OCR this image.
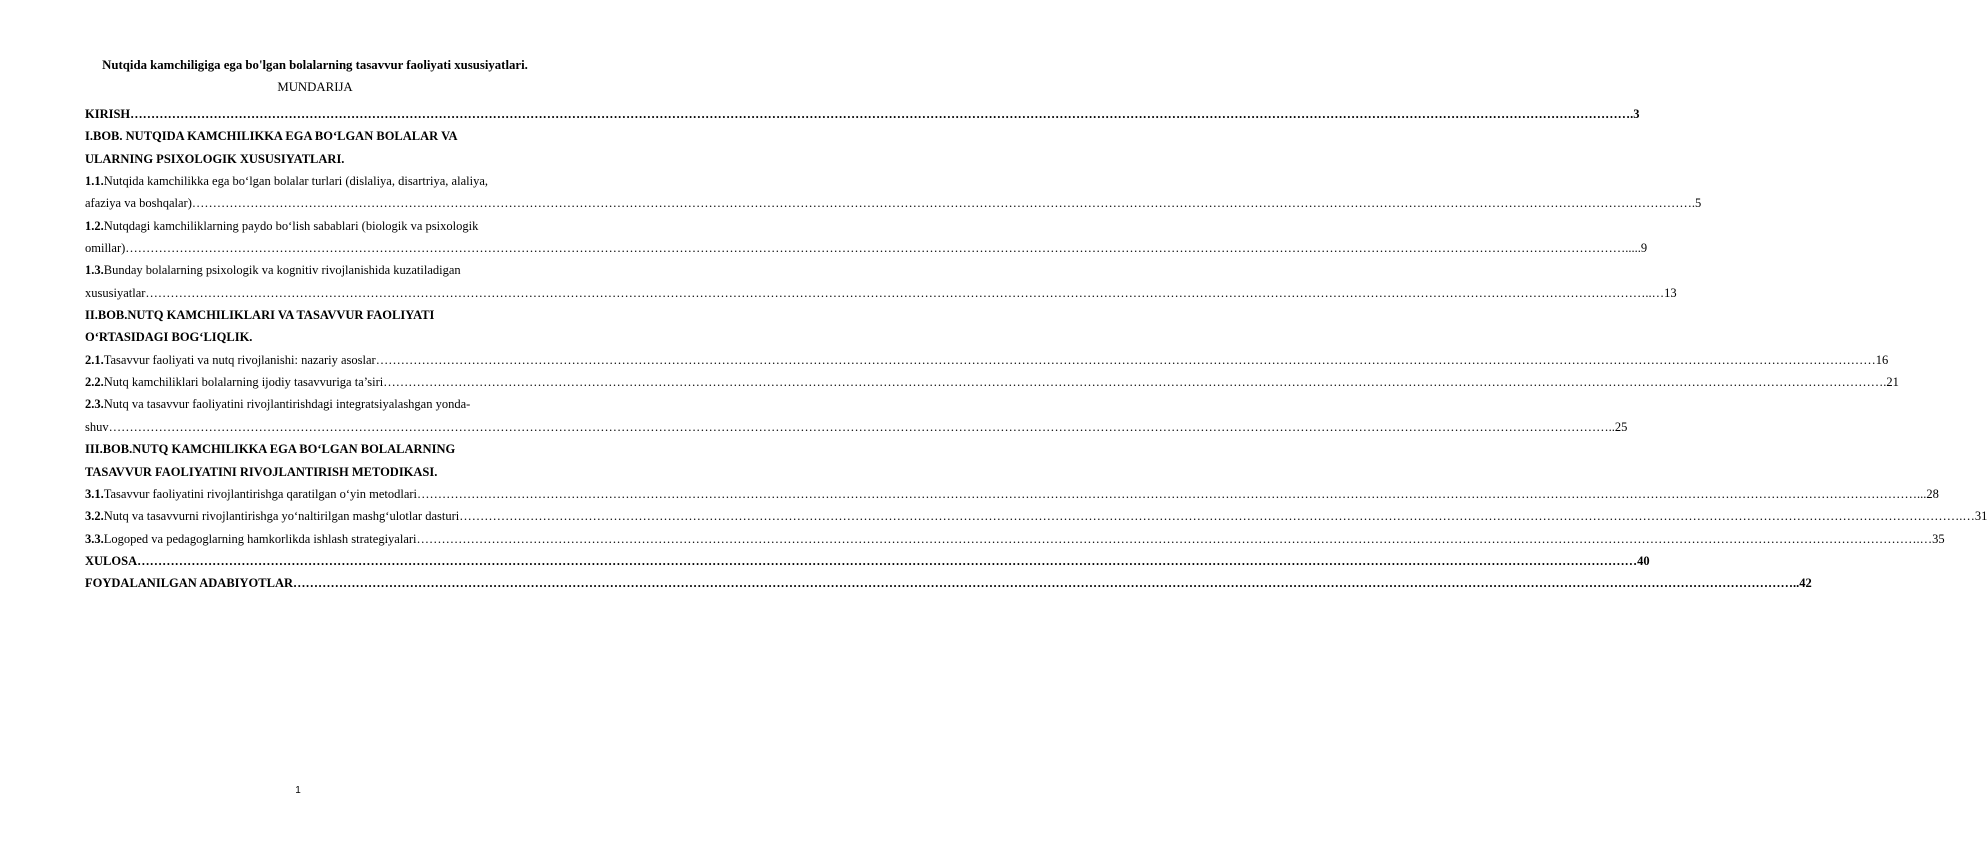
Nutqida kamchiligiga ega bo'lgan bolalarning tasavvur faoliyati xususiyatlari.
MUNDARIJA
KIRISH ……………………………………………………………………………………………………………………………………………………………………………………………………………………………………………………………………………………………………………………………… .3
I.BOB. NUTQIDA KAMCHILIKKA EGA BO‘LGAN BOLALAR VA
ULARNING PSIXOLOGIK XUSUSIYATLARI.
1.1.Nutqida kamchilikka ega bo‘lgan bolalar turlari (dislaliya, disartriya, alaliya,
afaziya va boshqalar) ……………………………………………………………………………………………………………………………………………………………………………………………………………………………………………………………………………………………………………………………… .5
1.2.Nutqdagi kamchiliklarning paydo bo‘lish sabablari (biologik va psixologik
omillar) ……………………………………………………………………………………………………………………………………………………………………………………………………………………………………………………………………………………………………………………………… .....9
1.3.Bunday bolalarning psixologik va kognitiv rivojlanishida kuzatiladigan
xususiyatlar ……………………………………………………………………………………………………………………………………………………………………………………………………………………………………………………………………………………………………………………………… ..…13
II.BOB.NUTQ KAMCHILIKLARI VA TASAVVUR FAOLIYATI
O‘RTASIDAGI BOG‘LIQLIK.
2.1.Tasavvur faoliyati va nutq rivojlanishi: nazariy asoslar ……………………………………………………………………………………………………………………………………………………………………………………………………………………………………………………………………………………………………………………………… 16
2.2.Nutq kamchiliklari bolalarning ijodiy tasavvuriga ta’siri ……………………………………………………………………………………………………………………………………………………………………………………………………………………………………………………………………………………………………………………………… .21
2.3.Nutq va tasavvur faoliyatini rivojlantirishdagi integratsiyalashgan yonda-
shuv ……………………………………………………………………………………………………………………………………………………………………………………………………………………………………………………………………………………………………………………………… ..25
III.BOB.NUTQ KAMCHILIKKA EGA BO‘LGAN BOLALARNING
TASAVVUR FAOLIYATINI RIVOJLANTIRISH METODIKASI.
3.1.Tasavvur faoliyatini rivojlantirishga qaratilgan o‘yin metodlari ……………………………………………………………………………………………………………………………………………………………………………………………………………………………………………………………………………………………………………………………… ...28
3.2.Nutq va tasavvurni rivojlantirishga yo‘naltirilgan mashg‘ulotlar dasturi ……………………………………………………………………………………………………………………………………………………………………………………………………………………………………………………………………………………………………………………………… .…31
3.3.Logoped va pedagoglarning hamkorlikda ishlash strategiyalari ……………………………………………………………………………………………………………………………………………………………………………………………………………………………………………………………………………………………………………………………… .…35
XULOSA ……………………………………………………………………………………………………………………………………………………………………………………………………………………………………………………………………………………………………………………………… 40
FOYDALANILGAN ADABIYOTLAR ……………………………………………………………………………………………………………………………………………………………………………………………………………………………………………………………………………………………………………………………… ..42
1
